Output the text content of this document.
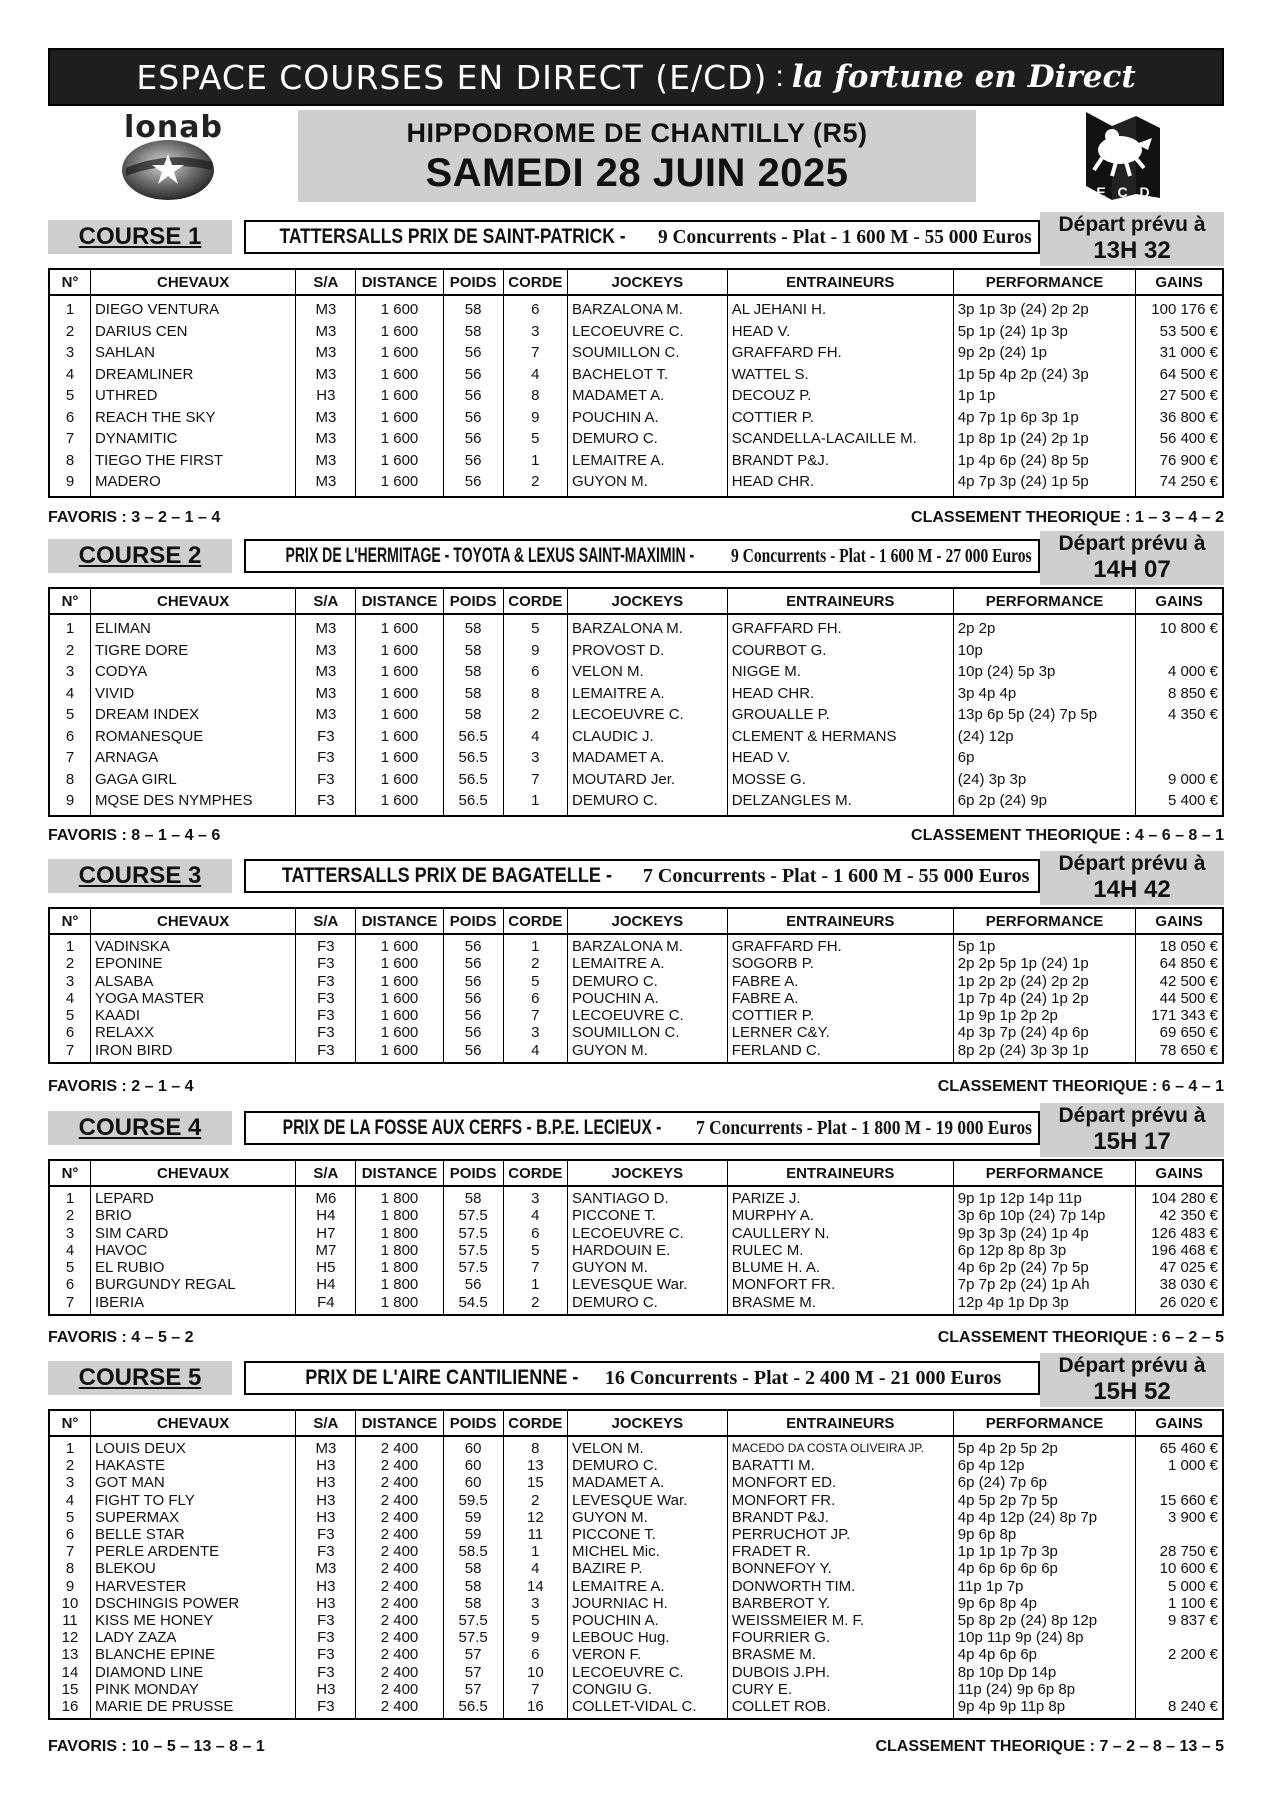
ESPACE COURSES EN DIRECT (E/CD) : la fortune en Direct
lonab	HIPPODROME DE CHANTILLY (R5)
SAMEDI 28 JUIN 2025	E C D
COURSE 1	TATTERSALLS PRIX DE SAINT-PATRICK - 9 Concurrents - Plat - 1 600 M - 55 000 Euros
Départ prévu à
13H 32
N°	CHEVAUX	S/A	DISTANCE	POIDS	CORDE	JOCKEYS	ENTRAINEURS	PERFORMANCE	GAINS
1	DIEGO VENTURA	M3	1 600	58	6	BARZALONA M.	AL JEHANI H.	3p 1p 3p (24) 2p 2p	100 176 €
2	DARIUS CEN	M3	1 600	58	3	LECOEUVRE C.	HEAD V.	5p 1p (24) 1p 3p	53 500 €
3	SAHLAN	M3	1 600	56	7	SOUMILLON C.	GRAFFARD FH.	9p 2p (24) 1p	31 000 €
4	DREAMLINER	M3	1 600	56	4	BACHELOT T.	WATTEL S.	1p 5p 4p 2p (24) 3p	64 500 €
5	UTHRED	H3	1 600	56	8	MADAMET A.	DECOUZ P.	1p 1p	27 500 €
6	REACH THE SKY	M3	1 600	56	9	POUCHIN A.	COTTIER P.	4p 7p 1p 6p 3p 1p	36 800 €
7	DYNAMITIC	M3	1 600	56	5	DEMURO C.	SCANDELLA-LACAILLE M.	1p 8p 1p (24) 2p 1p	56 400 €
8	TIEGO THE FIRST	M3	1 600	56	1	LEMAITRE A.	BRANDT P&J.	1p 4p 6p (24) 8p 5p	76 900 €
9	MADERO	M3	1 600	56	2	GUYON M.	HEAD CHR.	4p 7p 3p (24) 1p 5p	74 250 €
FAVORIS : 3 – 2 – 1 – 4	CLASSEMENT THEORIQUE : 1 – 3 – 4 – 2
COURSE 2	PRIX DE L'HERMITAGE - TOYOTA & LEXUS SAINT-MAXIMIN - 9 Concurrents - Plat - 1 600 M - 27 000 Euros
Départ prévu à
14H 07
N°	CHEVAUX	S/A	DISTANCE	POIDS	CORDE	JOCKEYS	ENTRAINEURS	PERFORMANCE	GAINS
1	ELIMAN	M3	1 600	58	5	BARZALONA M.	GRAFFARD FH.	2p 2p	10 800 €
2	TIGRE DORE	M3	1 600	58	9	PROVOST D.	COURBOT G.	10p	
3	CODYA	M3	1 600	58	6	VELON M.	NIGGE M.	10p (24) 5p 3p	4 000 €
4	VIVID	M3	1 600	58	8	LEMAITRE A.	HEAD CHR.	3p 4p 4p	8 850 €
5	DREAM INDEX	M3	1 600	58	2	LECOEUVRE C.	GROUALLE P.	13p 6p 5p (24) 7p 5p	4 350 €
6	ROMANESQUE	F3	1 600	56.5	4	CLAUDIC J.	CLEMENT & HERMANS	(24) 12p	
7	ARNAGA	F3	1 600	56.5	3	MADAMET A.	HEAD V.	6p	
8	GAGA GIRL	F3	1 600	56.5	7	MOUTARD Jer.	MOSSE G.	(24) 3p 3p	9 000 €
9	MQSE DES NYMPHES	F3	1 600	56.5	1	DEMURO C.	DELZANGLES M.	6p 2p (24) 9p	5 400 €
FAVORIS : 8 – 1 – 4 – 6	CLASSEMENT THEORIQUE : 4 – 6 – 8 – 1
COURSE 3	TATTERSALLS PRIX DE BAGATELLE - 7 Concurrents - Plat - 1 600 M - 55 000 Euros
Départ prévu à
14H 42
N°	CHEVAUX	S/A	DISTANCE	POIDS	CORDE	JOCKEYS	ENTRAINEURS	PERFORMANCE	GAINS
1	VADINSKA	F3	1 600	56	1	BARZALONA M.	GRAFFARD FH.	5p 1p	18 050 €
2	EPONINE	F3	1 600	56	2	LEMAITRE A.	SOGORB P.	2p 2p 5p 1p (24) 1p	64 850 €
3	ALSABA	F3	1 600	56	5	DEMURO C.	FABRE A.	1p 2p 2p (24) 2p 2p	42 500 €
4	YOGA MASTER	F3	1 600	56	6	POUCHIN A.	FABRE A.	1p 7p 4p (24) 1p 2p	44 500 €
5	KAADI	F3	1 600	56	7	LECOEUVRE C.	COTTIER P.	1p 9p 1p 2p 2p	171 343 €
6	RELAXX	F3	1 600	56	3	SOUMILLON C.	LERNER C&Y.	4p 3p 7p (24) 4p 6p	69 650 €
7	IRON BIRD	F3	1 600	56	4	GUYON M.	FERLAND C.	8p 2p (24) 3p 3p 1p	78 650 €
FAVORIS : 2 – 1 – 4	CLASSEMENT THEORIQUE : 6 – 4 – 1
COURSE 4	PRIX DE LA FOSSE AUX CERFS - B.P.E. LECIEUX - 7 Concurrents - Plat - 1 800 M - 19 000 Euros
Départ prévu à
15H 17
N°	CHEVAUX	S/A	DISTANCE	POIDS	CORDE	JOCKEYS	ENTRAINEURS	PERFORMANCE	GAINS
1	LEPARD	M6	1 800	58	3	SANTIAGO D.	PARIZE J.	9p 1p 12p 14p 11p	104 280 €
2	BRIO	H4	1 800	57.5	4	PICCONE T.	MURPHY A.	3p 6p 10p (24) 7p 14p	42 350 €
3	SIM CARD	H7	1 800	57.5	6	LECOEUVRE C.	CAULLERY N.	9p 3p 3p (24) 1p 4p	126 483 €
4	HAVOC	M7	1 800	57.5	5	HARDOUIN E.	RULEC M.	6p 12p 8p 8p 3p	196 468 €
5	EL RUBIO	H5	1 800	57.5	7	GUYON M.	BLUME H. A.	4p 6p 2p (24) 7p 5p	47 025 €
6	BURGUNDY REGAL	H4	1 800	56	1	LEVESQUE War.	MONFORT FR.	7p 7p 2p (24) 1p Ah	38 030 €
7	IBERIA	F4	1 800	54.5	2	DEMURO C.	BRASME M.	12p 4p 1p Dp 3p	26 020 €
FAVORIS : 4 – 5 – 2	CLASSEMENT THEORIQUE : 6 – 2 – 5
COURSE 5	PRIX DE L'AIRE CANTILIENNE - 16 Concurrents - Plat - 2 400 M - 21 000 Euros
Départ prévu à
15H 52
N°	CHEVAUX	S/A	DISTANCE	POIDS	CORDE	JOCKEYS	ENTRAINEURS	PERFORMANCE	GAINS
1	LOUIS DEUX	M3	2 400	60	8	VELON M.	MACEDO DA COSTA OLIVEIRA JP.	5p 4p 2p 5p 2p	65 460 €
2	HAKASTE	H3	2 400	60	13	DEMURO C.	BARATTI M.	6p 4p 12p	1 000 €
3	GOT MAN	H3	2 400	60	15	MADAMET A.	MONFORT ED.	6p (24) 7p 6p	
4	FIGHT TO FLY	H3	2 400	59.5	2	LEVESQUE War.	MONFORT FR.	4p 5p 2p 7p 5p	15 660 €
5	SUPERMAX	H3	2 400	59	12	GUYON M.	BRANDT P&J.	4p 4p 12p (24) 8p 7p	3 900 €
6	BELLE STAR	F3	2 400	59	11	PICCONE T.	PERRUCHOT JP.	9p 6p 8p	
7	PERLE ARDENTE	F3	2 400	58.5	1	MICHEL Mic.	FRADET R.	1p 1p 1p 7p 3p	28 750 €
8	BLEKOU	M3	2 400	58	4	BAZIRE P.	BONNEFOY Y.	4p 6p 6p 6p 6p	10 600 €
9	HARVESTER	H3	2 400	58	14	LEMAITRE A.	DONWORTH TIM.	11p 1p 7p	5 000 €
10	DSCHINGIS POWER	H3	2 400	58	3	JOURNIAC H.	BARBEROT Y.	9p 6p 8p 4p	1 100 €
11	KISS ME HONEY	F3	2 400	57.5	5	POUCHIN A.	WEISSMEIER M. F.	5p 8p 2p (24) 8p 12p	9 837 €
12	LADY ZAZA	F3	2 400	57.5	9	LEBOUC Hug.	FOURRIER G.	10p 11p 9p (24) 8p	
13	BLANCHE EPINE	F3	2 400	57	6	VERON F.	BRASME M.	4p 4p 6p 6p	2 200 €
14	DIAMOND LINE	F3	2 400	57	10	LECOEUVRE C.	DUBOIS J.PH.	8p 10p Dp 14p	
15	PINK MONDAY	H3	2 400	57	7	CONGIU G.	CURY E.	11p (24) 9p 6p 8p	
16	MARIE DE PRUSSE	F3	2 400	56.5	16	COLLET-VIDAL C.	COLLET ROB.	9p 4p 9p 11p 8p	8 240 €
FAVORIS : 10 – 5 – 13 – 8 – 1	CLASSEMENT THEORIQUE : 7 – 2 – 8 – 13 – 5
